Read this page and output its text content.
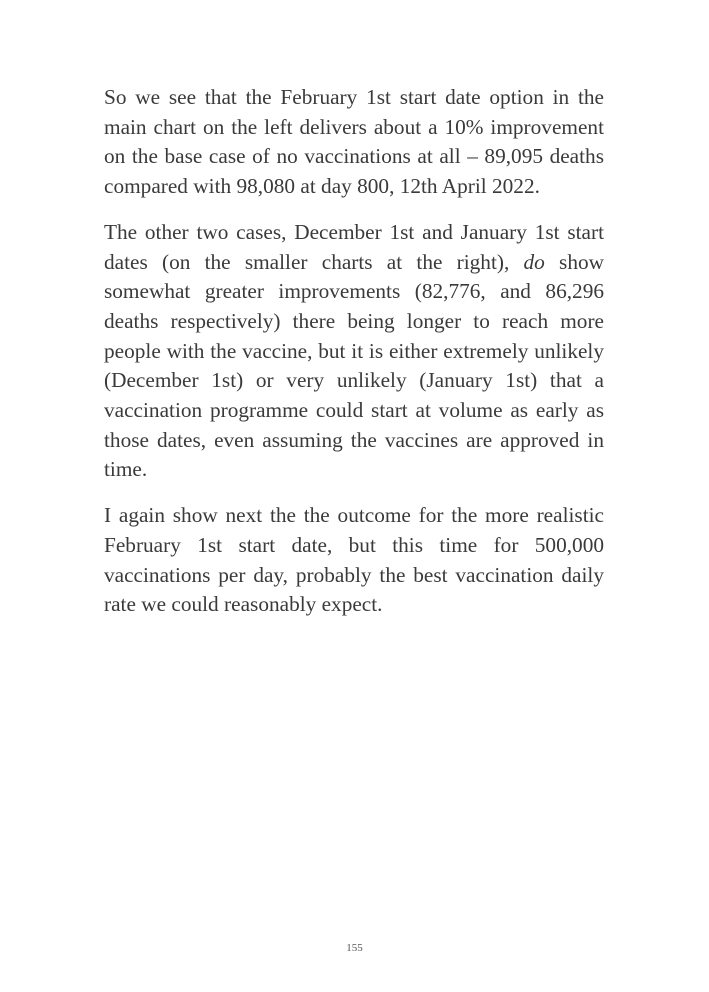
So we see that the February 1st start date option in the main chart on the left delivers about a 10% improvement on the base case of no vaccinations at all – 89,095 deaths compared with 98,080 at day 800, 12th April 2022.

The other two cases, December 1st and January 1st start dates (on the smaller charts at the right), do show somewhat greater improvements (82,776, and 86,296 deaths respectively) there being longer to reach more people with the vaccine, but it is either extremely unlikely (December 1st) or very unlikely (January 1st) that a vaccination programme could start at volume as early as those dates, even assuming the vaccines are approved in time.

I again show next the the outcome for the more realistic February 1st start date, but this time for 500,000 vaccinations per day, probably the best vaccination daily rate we could reasonably expect.

155
